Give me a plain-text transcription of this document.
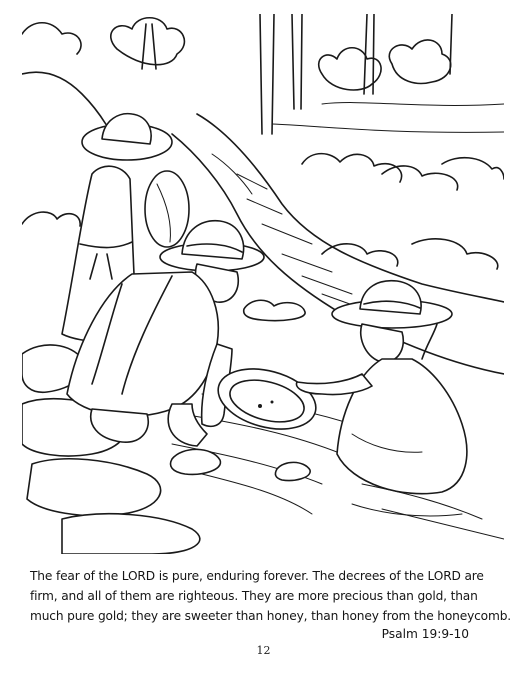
The fear of the LORD is pure, enduring forever. The decrees of the LORD are
firm, and all of them are righteous. They are more precious than gold, than
much pure gold; they are sweeter than honey, than honey from the honeycomb.
Psalm 19:9-10
12
